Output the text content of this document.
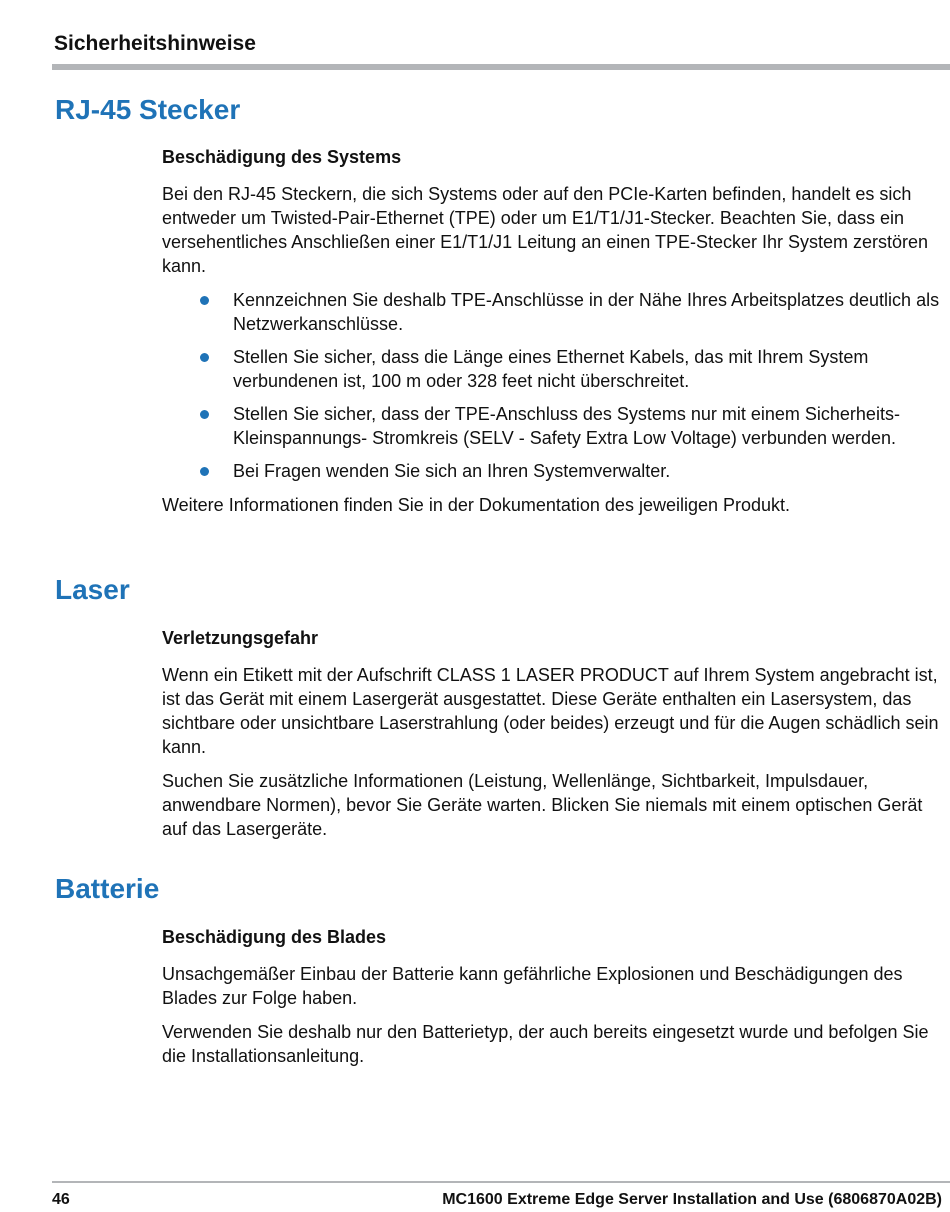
Sicherheitshinweise
RJ-45 Stecker
Beschädigung des Systems

Bei den RJ-45 Steckern, die sich Systems oder auf den PCIe-Karten befinden, handelt es sich entweder um Twisted-Pair-Ethernet (TPE) oder um E1/T1/J1-Stecker. Beachten Sie, dass ein versehentliches Anschließen einer E1/T1/J1 Leitung an einen TPE-Stecker Ihr System zerstören kann.

Kennzeichnen Sie deshalb TPE-Anschlüsse in der Nähe Ihres Arbeitsplatzes deutlich als Netzwerkanschlüsse.
Stellen Sie sicher, dass die Länge eines Ethernet Kabels, das mit Ihrem System verbundenen ist, 100 m oder 328 feet nicht überschreitet.
Stellen Sie sicher, dass der TPE-Anschluss des Systems nur mit einem Sicherheits-Kleinspannungs- Stromkreis (SELV - Safety Extra Low Voltage) verbunden werden.
Bei Fragen wenden Sie sich an Ihren Systemverwalter.

Weitere Informationen finden Sie in der Dokumentation des jeweiligen Produkt.

Laser
Verletzungsgefahr

Wenn ein Etikett mit der Aufschrift CLASS 1 LASER PRODUCT auf Ihrem System angebracht ist, ist das Gerät mit einem Lasergerät ausgestattet. Diese Geräte enthalten ein Lasersystem, das sichtbare oder unsichtbare Laserstrahlung (oder beides) erzeugt und für die Augen schädlich sein kann.

Suchen Sie zusätzliche Informationen (Leistung, Wellenlänge, Sichtbarkeit, Impulsdauer, anwendbare Normen), bevor Sie Geräte warten. Blicken Sie niemals mit einem optischen Gerät auf das Lasergeräte.

Batterie
Beschädigung des Blades

Unsachgemäßer Einbau der Batterie kann gefährliche Explosionen und Beschädigungen des Blades zur Folge haben.

Verwenden Sie deshalb nur den Batterietyp, der auch bereits eingesetzt wurde und befolgen Sie die Installationsanleitung.

46	MC1600 Extreme Edge Server Installation and Use (6806870A02B)
